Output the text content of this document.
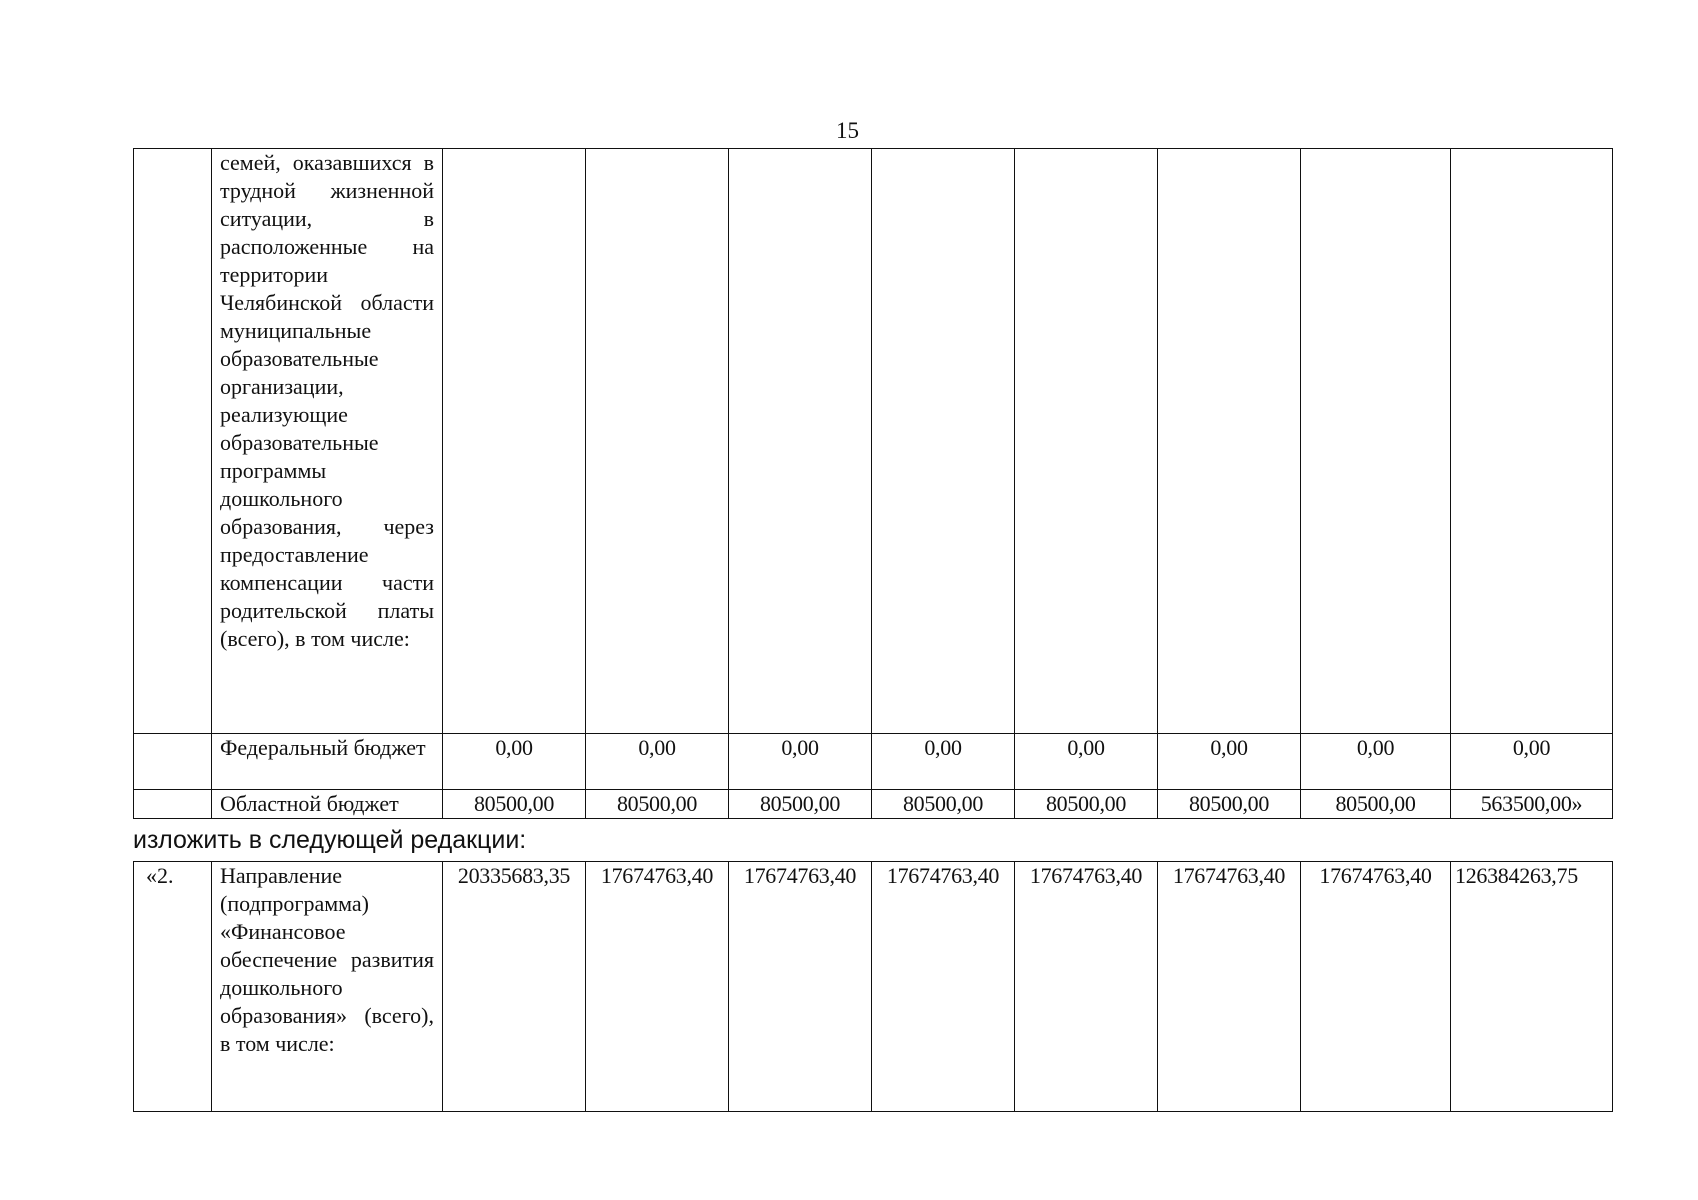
15
	семей, оказавшихся в трудной жизненной ситуации, в расположенные на территории Челябинской области муниципальные образовательные организации, реализующие образовательные программы дошкольного образования, через предоставление компенсации части родительской платы (всего), в том числе:								
	Федеральный бюджет	0,00	0,00	0,00	0,00	0,00	0,00	0,00	0,00
	Областной бюджет	80500,00	80500,00	80500,00	80500,00	80500,00	80500,00	80500,00	563500,00»
изложить в следующей редакции:
«2.	Направление (подпрограмма) «Финансовое обеспечение развития дошкольного образования» (всего), в том числе:	20335683,35	17674763,40	17674763,40	17674763,40	17674763,40	17674763,40	17674763,40	126384263,75
